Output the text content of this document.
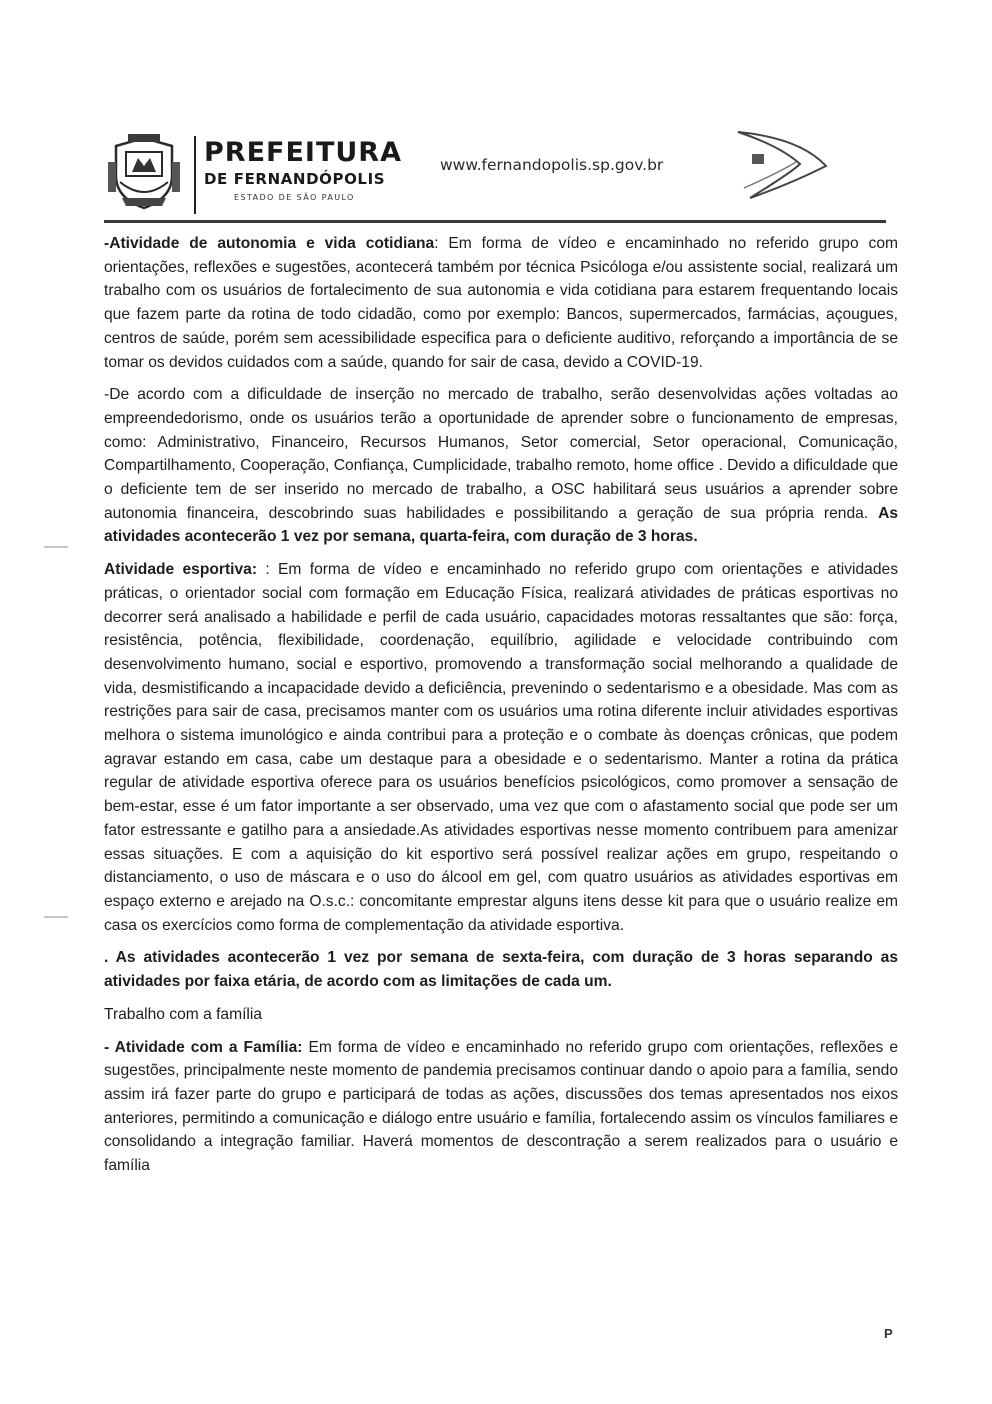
PREFEITURA
DE FERNANDÓPOLIS
ESTADO DE SÃO PAULO
www.fernandopolis.sp.gov.br

-Atividade de autonomia e vida cotidiana: Em forma de vídeo e encaminhado no referido grupo com orientações, reflexões e sugestões, acontecerá também por técnica Psicóloga e/ou assistente social, realizará um trabalho com os usuários de fortalecimento de sua autonomia e vida cotidiana para estarem frequentando locais que fazem parte da rotina de todo cidadão, como por exemplo: Bancos, supermercados, farmácias, açougues, centros de saúde, porém sem acessibilidade especifica para o deficiente auditivo, reforçando a importância de se tomar os devidos cuidados com a saúde, quando for sair de casa, devido a COVID-19.

-De acordo com a dificuldade de inserção no mercado de trabalho, serão desenvolvidas ações voltadas ao empreendedorismo, onde os usuários terão a oportunidade de aprender sobre o funcionamento de empresas, como: Administrativo, Financeiro, Recursos Humanos, Setor comercial, Setor operacional, Comunicação, Compartilhamento, Cooperação, Confiança, Cumplicidade, trabalho remoto, home office . Devido a dificuldade que o deficiente tem de ser inserido no mercado de trabalho, a OSC habilitará seus usuários a aprender sobre autonomia financeira, descobrindo suas habilidades e possibilitando a geração de sua própria renda. As atividades acontecerão 1 vez por semana, quarta-feira, com duração de 3 horas.

Atividade esportiva: : Em forma de vídeo e encaminhado no referido grupo com orientações e atividades práticas, o orientador social com formação em Educação Física, realizará atividades de práticas esportivas no decorrer será analisado a habilidade e perfil de cada usuário, capacidades motoras ressaltantes que são: força, resistência, potência, flexibilidade, coordenação, equilíbrio, agilidade e velocidade contribuindo com desenvolvimento humano, social e esportivo, promovendo a transformação social melhorando a qualidade de vida, desmistificando a incapacidade devido a deficiência, prevenindo o sedentarismo e a obesidade. Mas com as restrições para sair de casa, precisamos manter com os usuários uma rotina diferente incluir atividades esportivas melhora o sistema imunológico e ainda contribui para a proteção e o combate às doenças crônicas, que podem agravar estando em casa, cabe um destaque para a obesidade e o sedentarismo. Manter a rotina da prática regular de atividade esportiva oferece para os usuários benefícios psicológicos, como promover a sensação de bem-estar, esse é um fator importante a ser observado, uma vez que com o afastamento social que pode ser um fator estressante e gatilho para a ansiedade.As atividades esportivas nesse momento contribuem para amenizar essas situações. E com a aquisição do kit esportivo será possível realizar ações em grupo, respeitando o distanciamento, o uso de máscara e o uso do álcool em gel, com quatro usuários as atividades esportivas em espaço externo e arejado na O.s.c.: concomitante emprestar alguns itens desse kit para que o usuário realize em casa os exercícios como forma de complementação da atividade esportiva.

. As atividades acontecerão 1 vez por semana de sexta-feira, com duração de 3 horas separando as atividades por faixa etária, de acordo com as limitações de cada um.

Trabalho com a família

- Atividade com a Família: Em forma de vídeo e encaminhado no referido grupo com orientações, reflexões e sugestões, principalmente neste momento de pandemia precisamos continuar dando o apoio para a família, sendo assim irá fazer parte do grupo e participará de todas as ações, discussões dos temas apresentados nos eixos anteriores, permitindo a comunicação e diálogo entre usuário e família, fortalecendo assim os vínculos familiares e consolidando a integração familiar. Haverá momentos de descontração a serem realizados para o usuário e família

P
